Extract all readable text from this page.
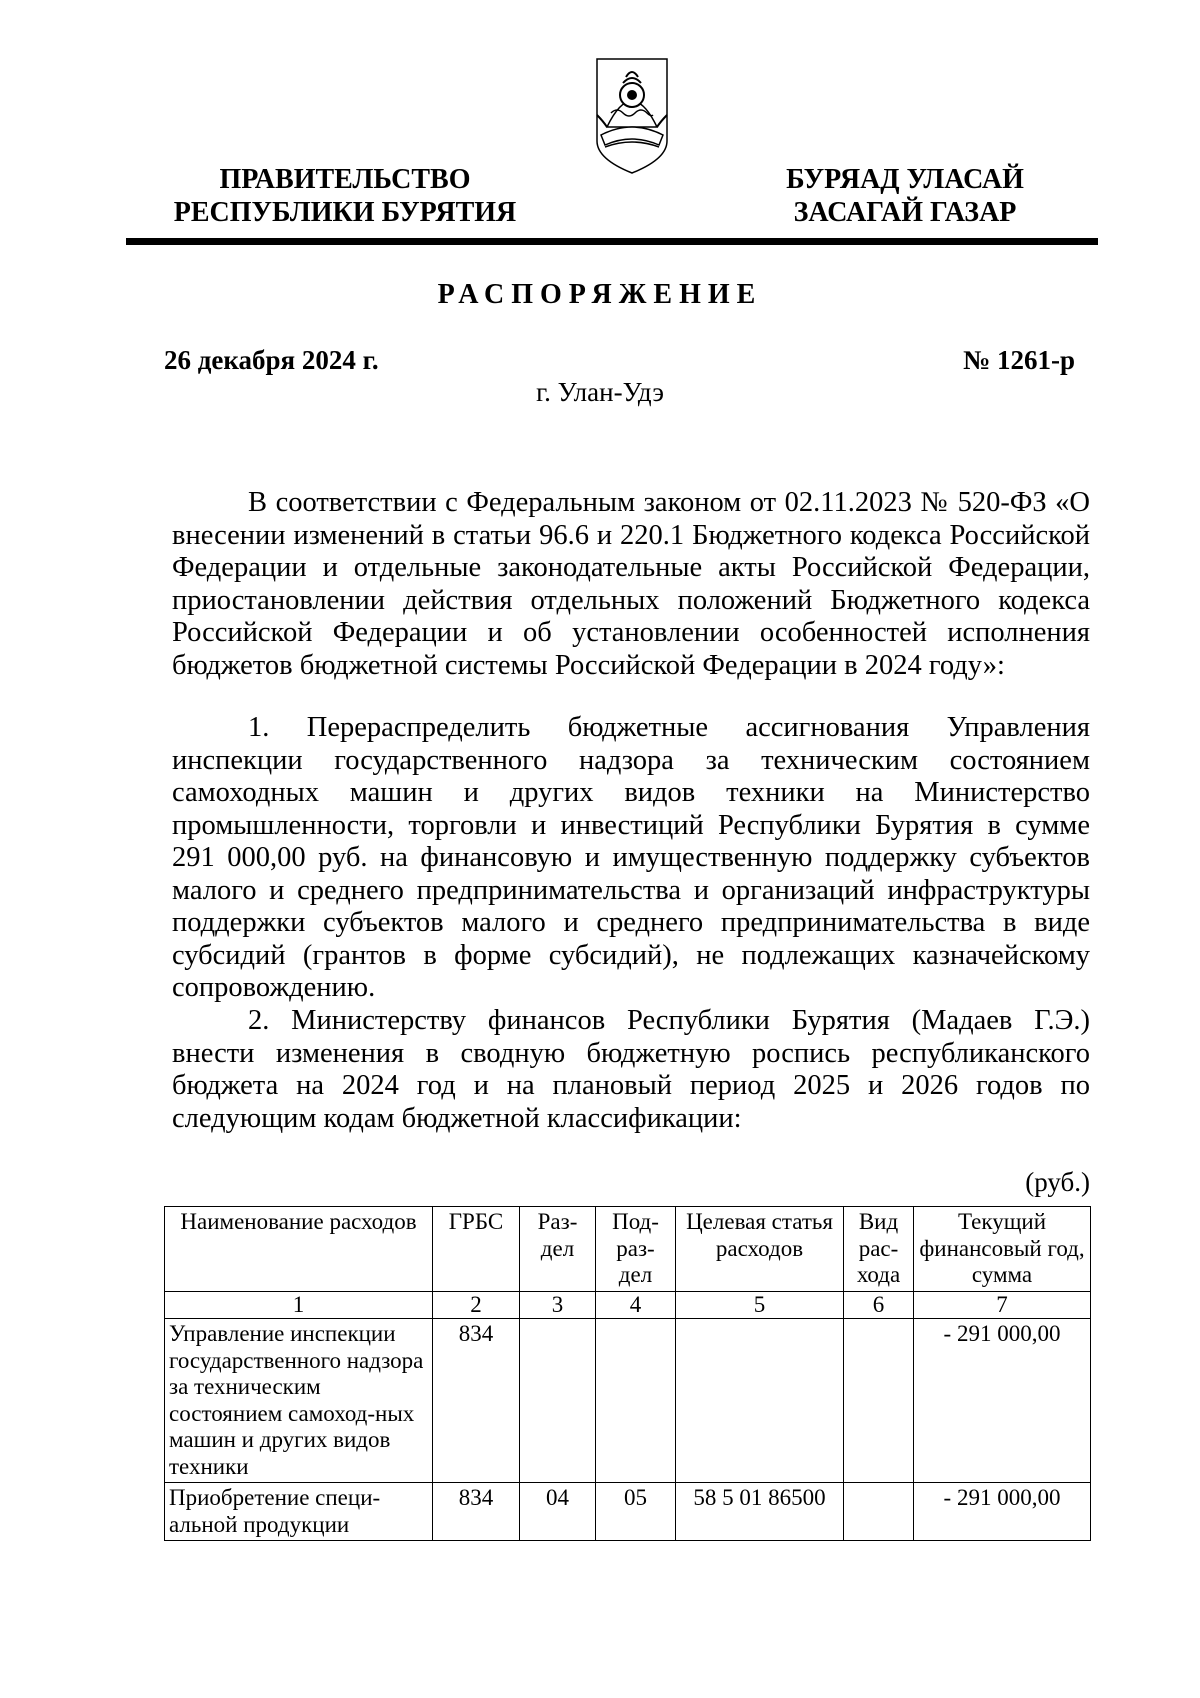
ПРАВИТЕЛЬСТВО
РЕСПУБЛИКИ БУРЯТИЯ
БУРЯАД УЛАСАЙ
ЗАСАГАЙ ГАЗАР
РАСПОРЯЖЕНИЕ
26 декабря 2024 г.	№ 1261-р
г. Улан-Удэ
В соответствии с Федеральным законом от 02.11.2023 № 520-ФЗ «О внесении изменений в статьи 96.6 и 220.1 Бюджетного кодекса Российской Федерации и отдельные законодательные акты Российской Федерации, приостановлении действия отдельных положений Бюджетного кодекса Российской Федерации и об установлении особенностей исполнения бюджетов бюджетной системы Российской Федерации в 2024 году»:
1. Перераспределить бюджетные ассигнования Управления инспекции государственного надзора за техническим состоянием самоходных машин и других видов техники на Министерство промышленности, торговли и инвестиций Республики Бурятия в сумме 291 000,00 руб. на финансовую и имущественную поддержку субъектов малого и среднего предпринимательства и организаций инфраструктуры поддержки субъектов малого и среднего предпринимательства в виде субсидий (грантов в форме субсидий), не подлежащих казначейскому сопровождению.
2. Министерству финансов Республики Бурятия (Мадаев Г.Э.) внести изменения в сводную бюджетную роспись республиканского бюджета на 2024 год и на плановый период 2025 и 2026 годов по следующим кодам бюджетной классификации:
(руб.)
Наименование расходов	ГРБС	Раз-дел	Под-раз-дел	Целевая статья расходов	Вид рас-хода	Текущий финансовый год, сумма
1	2	3	4	5	6	7
Управление инспекции государственного надзора за техническим состоянием самоход-ных машин и других видов техники	834					- 291 000,00
Приобретение специ-альной продукции	834	04	05	58 5 01 86500		- 291 000,00
